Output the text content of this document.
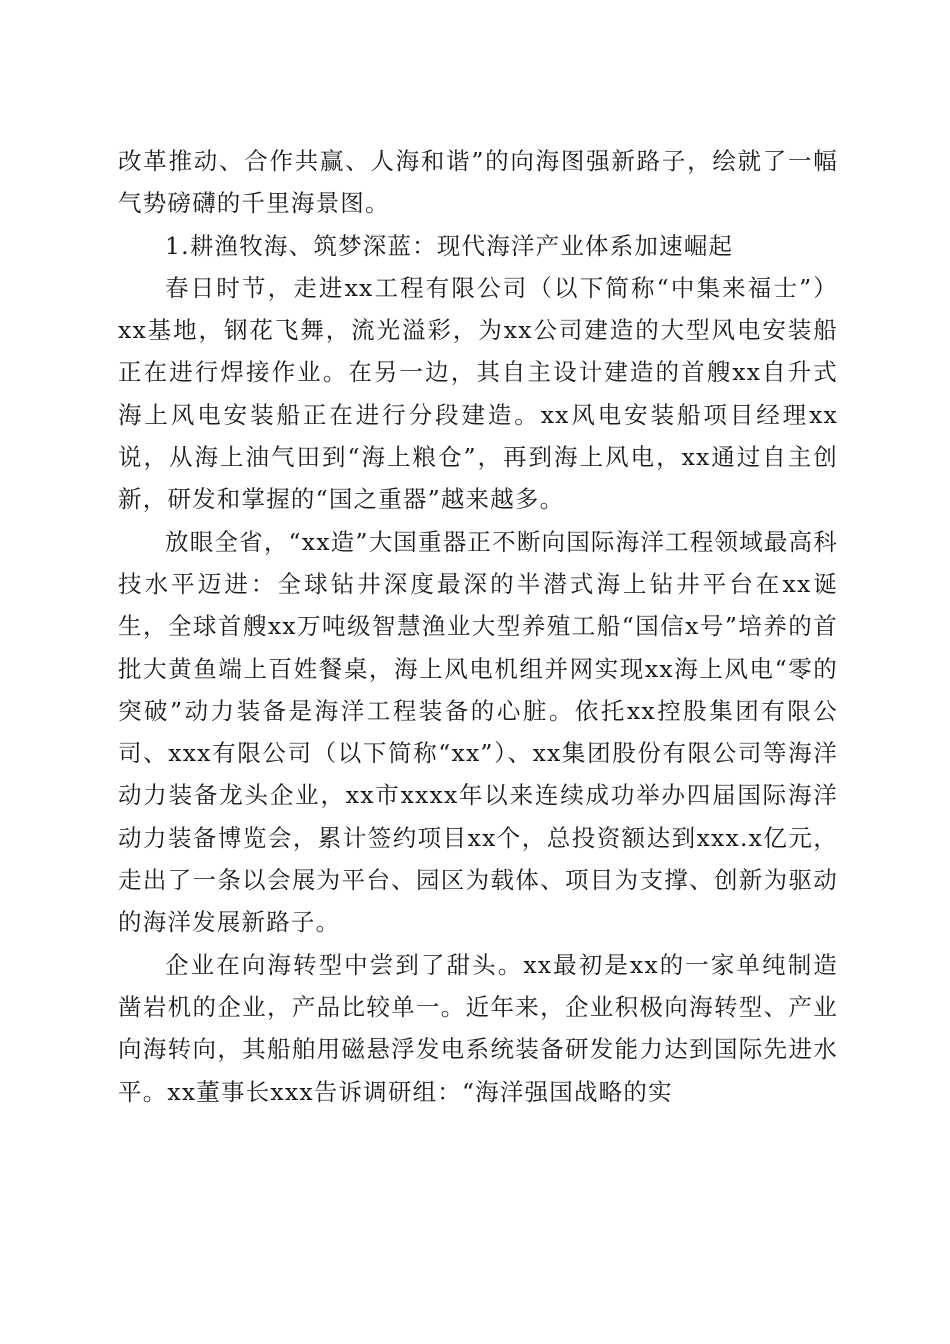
改革推动、合作共赢、人海和谐”的向海图强新路子，绘就了一幅气势磅礴的千里海景图。

1.耕渔牧海、筑梦深蓝：现代海洋产业体系加速崛起

春日时节，走进xx工程有限公司（以下简称“中集来福士”）xx基地，钢花飞舞，流光溢彩，为xx公司建造的大型风电安装船正在进行焊接作业。在另一边，其自主设计建造的首艘xx自升式海上风电安装船正在进行分段建造。xx风电安装船项目经理xx说，从海上油气田到“海上粮仓”，再到海上风电，xx通过自主创新，研发和掌握的“国之重器”越来越多。

放眼全省，“xx造”大国重器正不断向国际海洋工程领域最高科技水平迈进：全球钻井深度最深的半潜式海上钻井平台在xx诞生，全球首艘xx万吨级智慧渔业大型养殖工船“国信x号”培养的首批大黄鱼端上百姓餐桌，海上风电机组并网实现xx海上风电“零的突破”动力装备是海洋工程装备的心脏。依托xx控股集团有限公司、xxx有限公司（以下简称“xx”）、xx集团股份有限公司等海洋动力装备龙头企业，xx市xxxx年以来连续成功举办四届国际海洋动力装备博览会，累计签约项目xx个，总投资额达到xxx.x亿元，走出了一条以会展为平台、园区为载体、项目为支撑、创新为驱动的海洋发展新路子。

企业在向海转型中尝到了甜头。xx最初是xx的一家单纯制造凿岩机的企业，产品比较单一。近年来，企业积极向海转型、产业向海转向，其船舶用磁悬浮发电系统装备研发能力达到国际先进水平。xx董事长xxx告诉调研组：“海洋强国战略的实
